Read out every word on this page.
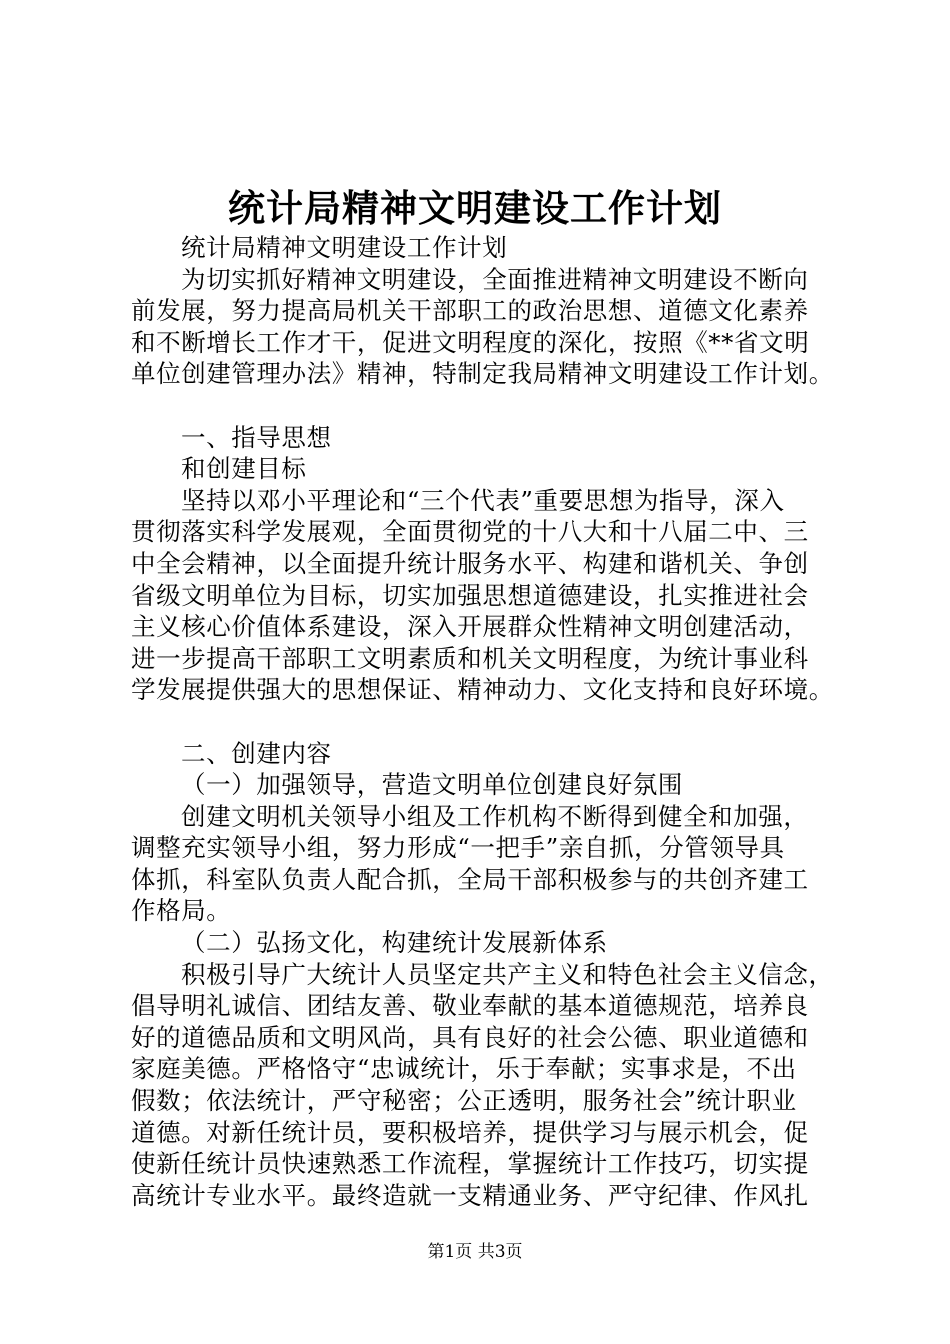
统计局精神文明建设工作计划
统计局精神文明建设工作计划
为切实抓好精神文明建设，全面推进精神文明建设不断向
前发展，努力提高局机关干部职工的政治思想、道德文化素养
和不断增长工作才干，促进文明程度的深化，按照《**省文明
单位创建管理办法》精神，特制定我局精神文明建设工作计划。
一、指导思想
和创建目标
坚持以邓小平理论和“三个代表”重要思想为指导，深入
贯彻落实科学发展观，全面贯彻党的十八大和十八届二中、三
中全会精神，以全面提升统计服务水平、构建和谐机关、争创
省级文明单位为目标，切实加强思想道德建设，扎实推进社会
主义核心价值体系建设，深入开展群众性精神文明创建活动，
进一步提高干部职工文明素质和机关文明程度，为统计事业科
学发展提供强大的思想保证、精神动力、文化支持和良好环境。
二、创建内容
（一）加强领导，营造文明单位创建良好氛围
创建文明机关领导小组及工作机构不断得到健全和加强，
调整充实领导小组，努力形成“一把手”亲自抓，分管领导具
体抓，科室队负责人配合抓，全局干部积极参与的共创齐建工
作格局。
（二）弘扬文化，构建统计发展新体系
积极引导广大统计人员坚定共产主义和特色社会主义信念，
倡导明礼诚信、团结友善、敬业奉献的基本道德规范，培养良
好的道德品质和文明风尚，具有良好的社会公德、职业道德和
家庭美德。严格恪守“忠诚统计，乐于奉献；实事求是，不出
假数；依法统计，严守秘密；公正透明，服务社会”统计职业
道德。对新任统计员，要积极培养，提供学习与展示机会，促
使新任统计员快速熟悉工作流程，掌握统计工作技巧，切实提
高统计专业水平。最终造就一支精通业务、严守纪律、作风扎
第1页 共3页
